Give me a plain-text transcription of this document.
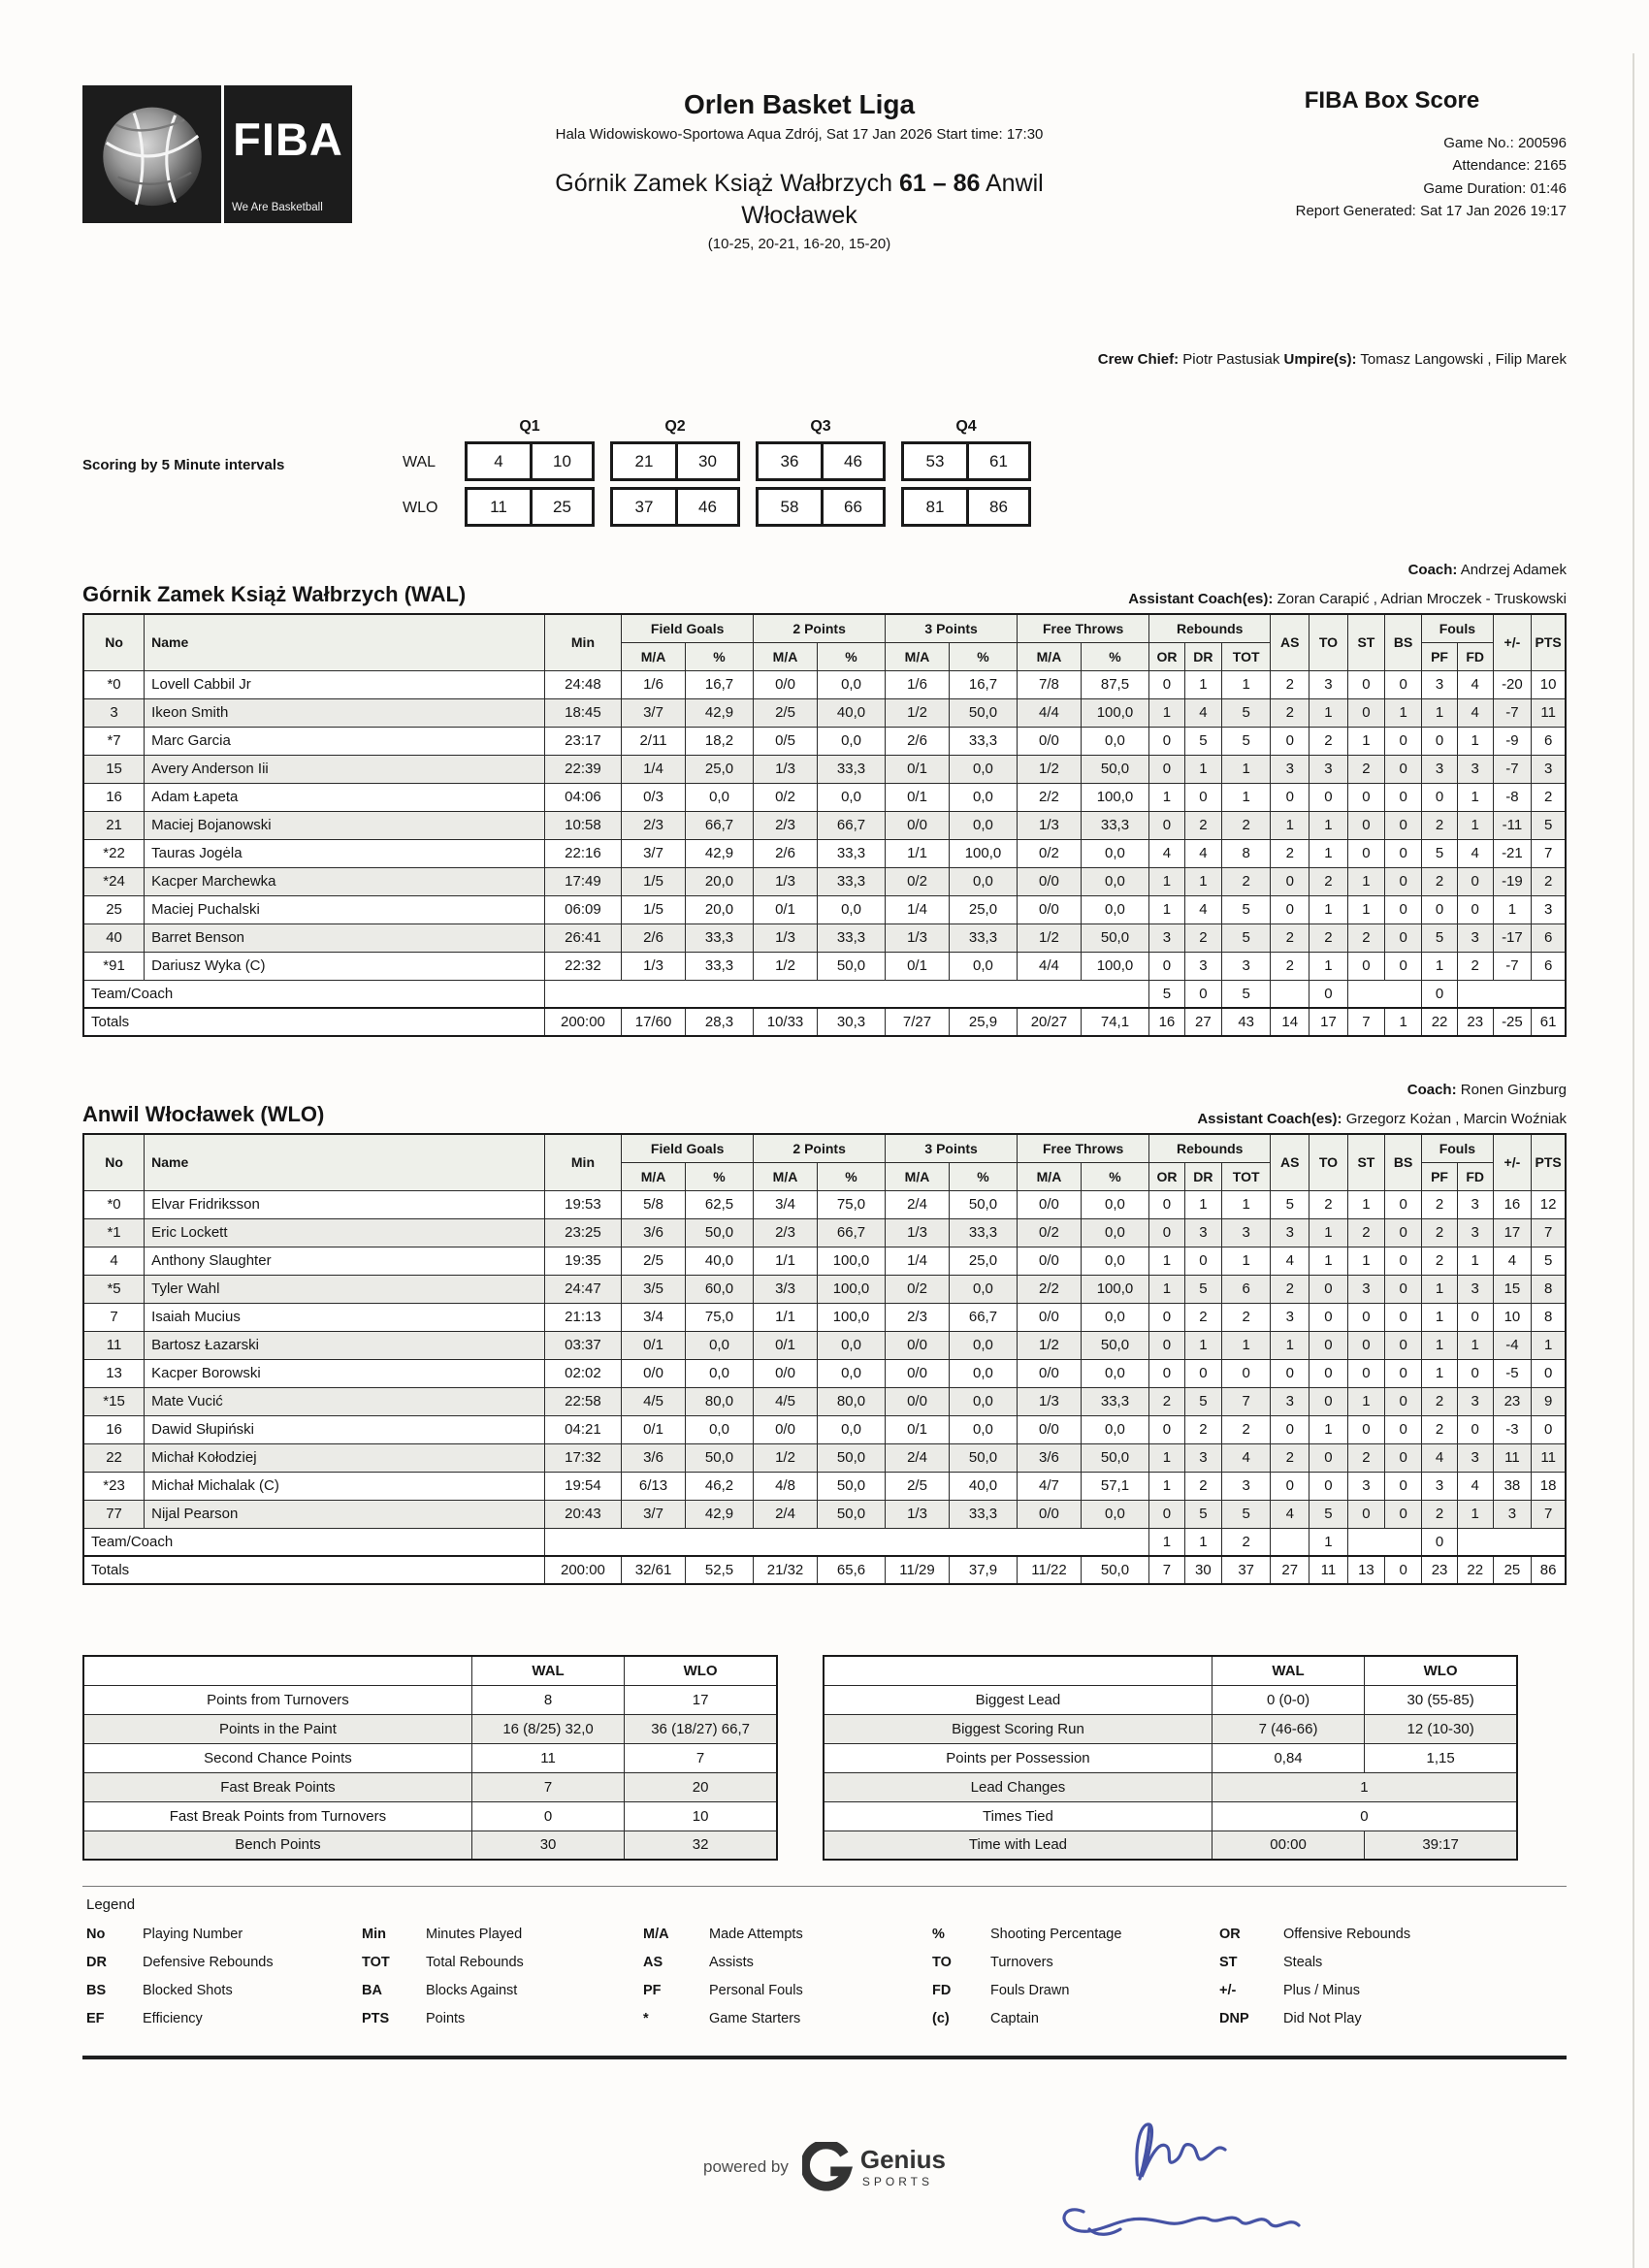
FIBA
We Are Basketball
Orlen Basket Liga
Hala Widowiskowo-Sportowa Aqua Zdrój, Sat 17 Jan 2026 Start time: 17:30
Górnik Zamek Książ Wałbrzych 61 – 86 Anwil Włocławek
(10-25, 20-21, 16-20, 15-20)
FIBA Box Score
Game No.: 200596
Attendance: 2165
Game Duration: 01:46
Report Generated: Sat 17 Jan 2026 19:17
Crew Chief: Piotr Pastusiak Umpire(s): Tomasz Langowski , Filip Marek
Scoring by 5 Minute intervals
Q1	Q2	Q3	Q4
WAL	4	10	21	30	36	46	53	61
WLO	11	25	37	46	58	66	81	86
Coach: Andrzej Adamek
Górnik Zamek Książ Wałbrzych (WAL)	Assistant Coach(es): Zoran Carapić , Adrian Mroczek - Truskowski
No	Name	Min	Field Goals		2 Points		3 Points		Free Throws		Rebounds			AS	TO	ST	BS	Fouls		+/-	PTS
			M/A	%	M/A	%	M/A	%	M/A	%	OR	DR	TOT					PF	FD		
*0	Lovell Cabbil Jr	24:48	1/6	16,7	0/0	0,0	1/6	16,7	7/8	87,5	0	1	1	2	3	0	0	3	4	-20	10
3	Ikeon Smith	18:45	3/7	42,9	2/5	40,0	1/2	50,0	4/4	100,0	1	4	5	2	1	0	1	1	4	-7	11
*7	Marc Garcia	23:17	2/11	18,2	0/5	0,0	2/6	33,3	0/0	0,0	0	5	5	0	2	1	0	0	1	-9	6
15	Avery Anderson Iii	22:39	1/4	25,0	1/3	33,3	0/1	0,0	1/2	50,0	0	1	1	3	3	2	0	3	3	-7	3
16	Adam Łapeta	04:06	0/3	0,0	0/2	0,0	0/1	0,0	2/2	100,0	1	0	1	0	0	0	0	0	1	-8	2
21	Maciej Bojanowski	10:58	2/3	66,7	2/3	66,7	0/0	0,0	1/3	33,3	0	2	2	1	1	0	0	2	1	-11	5
*22	Tauras Jogėla	22:16	3/7	42,9	2/6	33,3	1/1	100,0	0/2	0,0	4	4	8	2	1	0	0	5	4	-21	7
*24	Kacper Marchewka	17:49	1/5	20,0	1/3	33,3	0/2	0,0	0/0	0,0	1	1	2	0	2	1	0	2	0	-19	2
25	Maciej Puchalski	06:09	1/5	20,0	0/1	0,0	1/4	25,0	0/0	0,0	1	4	5	0	1	1	0	0	0	1	3
40	Barret Benson	26:41	2/6	33,3	1/3	33,3	1/3	33,3	1/2	50,0	3	2	5	2	2	2	0	5	3	-17	6
*91	Dariusz Wyka (C)	22:32	1/3	33,3	1/2	50,0	0/1	0,0	4/4	100,0	0	3	3	2	1	0	0	1	2	-7	6
Team/Coach											5	0	5		0			0			
Totals		200:00	17/60	28,3	10/33	30,3	7/27	25,9	20/27	74,1	16	27	43	14	17	7	1	22	23	-25	61
Coach: Ronen Ginzburg
Anwil Włocławek (WLO)	Assistant Coach(es): Grzegorz Kożan , Marcin Woźniak
No	Name	Min	Field Goals		2 Points		3 Points		Free Throws		Rebounds			AS	TO	ST	BS	Fouls		+/-	PTS
			M/A	%	M/A	%	M/A	%	M/A	%	OR	DR	TOT					PF	FD		
*0	Elvar Fridriksson	19:53	5/8	62,5	3/4	75,0	2/4	50,0	0/0	0,0	0	1	1	5	2	1	0	2	3	16	12
*1	Eric Lockett	23:25	3/6	50,0	2/3	66,7	1/3	33,3	0/2	0,0	0	3	3	3	1	2	0	2	3	17	7
4	Anthony Slaughter	19:35	2/5	40,0	1/1	100,0	1/4	25,0	0/0	0,0	1	0	1	4	1	1	0	2	1	4	5
*5	Tyler Wahl	24:47	3/5	60,0	3/3	100,0	0/2	0,0	2/2	100,0	1	5	6	2	0	3	0	1	3	15	8
7	Isaiah Mucius	21:13	3/4	75,0	1/1	100,0	2/3	66,7	0/0	0,0	0	2	2	3	0	0	0	1	0	10	8
11	Bartosz Łazarski	03:37	0/1	0,0	0/1	0,0	0/0	0,0	1/2	50,0	0	1	1	1	0	0	0	1	1	-4	1
13	Kacper Borowski	02:02	0/0	0,0	0/0	0,0	0/0	0,0	0/0	0,0	0	0	0	0	0	0	0	1	0	-5	0
*15	Mate Vucić	22:58	4/5	80,0	4/5	80,0	0/0	0,0	1/3	33,3	2	5	7	3	0	1	0	2	3	23	9
16	Dawid Słupiński	04:21	0/1	0,0	0/0	0,0	0/1	0,0	0/0	0,0	0	2	2	0	1	0	0	2	0	-3	0
22	Michał Kołodziej	17:32	3/6	50,0	1/2	50,0	2/4	50,0	3/6	50,0	1	3	4	2	0	2	0	4	3	11	11
*23	Michał Michalak (C)	19:54	6/13	46,2	4/8	50,0	2/5	40,0	4/7	57,1	1	2	3	0	0	3	0	3	4	38	18
77	Nijal Pearson	20:43	3/7	42,9	2/4	50,0	1/3	33,3	0/0	0,0	0	5	5	4	5	0	0	2	1	3	7
Team/Coach											1	1	2		1			0			
Totals		200:00	32/61	52,5	21/32	65,6	11/29	37,9	11/22	50,0	7	30	37	27	11	13	0	23	22	25	86
	WAL	WLO
Points from Turnovers	8	17
Points in the Paint	16 (8/25) 32,0	36 (18/27) 66,7
Second Chance Points	11	7
Fast Break Points	7	20
Fast Break Points from Turnovers	0	10
Bench Points	30	32
	WAL	WLO
Biggest Lead	0 (0-0)	30 (55-85)
Biggest Scoring Run	7 (46-66)	12 (10-30)
Points per Possession	0,84	1,15
Lead Changes	1	
Times Tied	0	
Time with Lead	00:00	39:17
Legend
No	Playing Number	Min	Minutes Played	M/A	Made Attempts	%	Shooting Percentage	OR	Offensive Rebounds
DR	Defensive Rebounds	TOT	Total Rebounds	AS	Assists	TO	Turnovers	ST	Steals
BS	Blocked Shots	BA	Blocks Against	PF	Personal Fouls	FD	Fouls Drawn	+/-	Plus / Minus
EF	Efficiency	PTS	Points	*	Game Starters	(c)	Captain	DNP	Did Not Play
powered by	Genius
SPORTS
